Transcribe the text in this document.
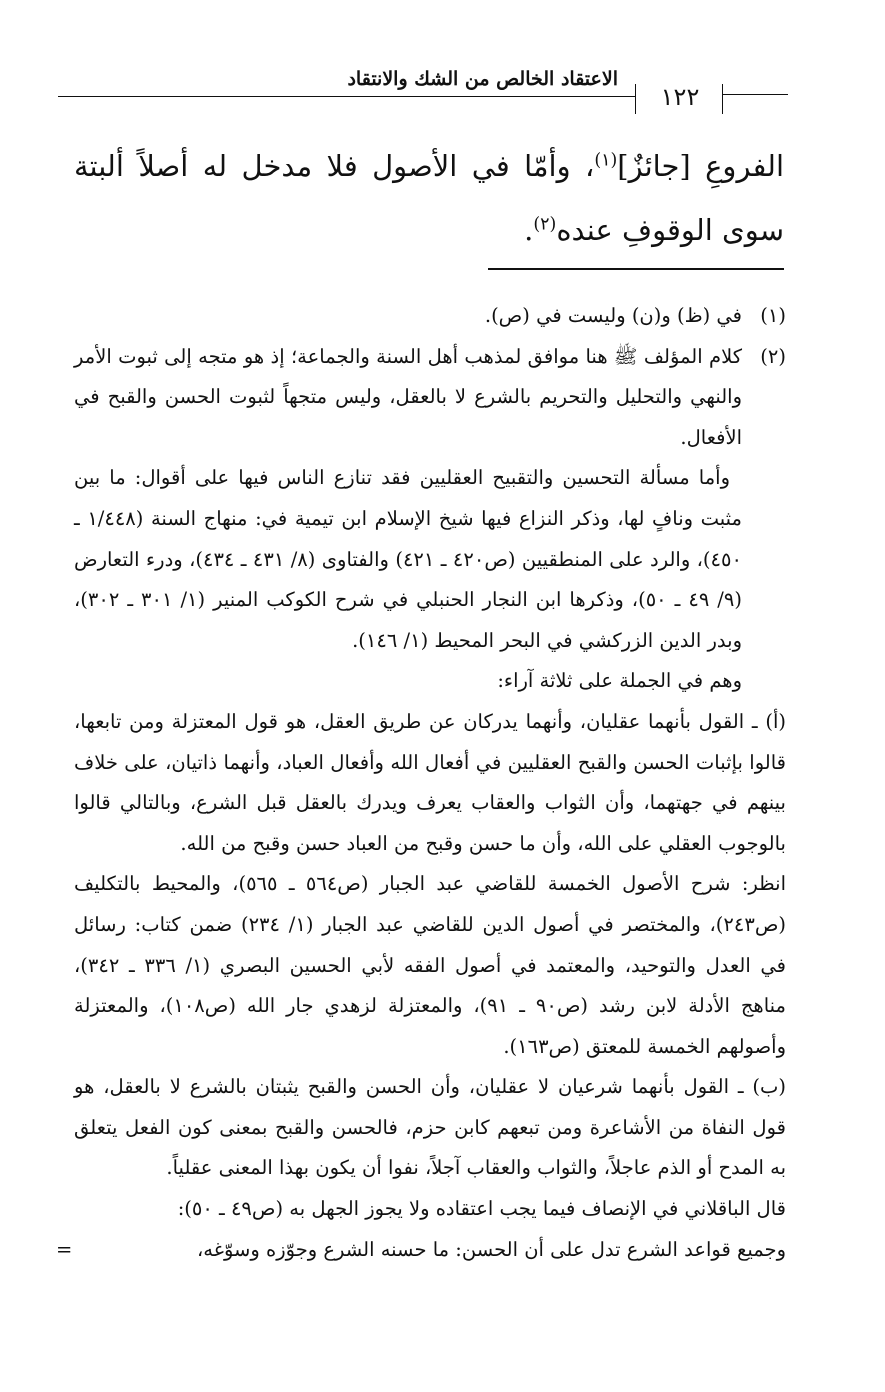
الاعتقاد الخالص من الشك والانتقاد
١٢٢

الفروعِ [جائزٌ]$^{(١)}$، وأمّا في الأصول فلا مدخل له أصلاً ألبتة سوى الوقوفِ عنده$^{(٢)}$.

(١)في (ظ) و(ن) وليست في (ص).

(٢)كلام المؤلف ﷺ هنا موافق لمذهب أهل السنة والجماعة؛ إذ هو متجه إلى ثبوت الأمر والنهي والتحليل والتحريم بالشرع لا بالعقل، وليس متجهاً لثبوت الحسن والقبح في الأفعال.

وأما مسألة التحسين والتقبيح العقليين فقد تنازع الناس فيها على أقوال: ما بين مثبت ونافٍ لها، وذكر النزاع فيها شيخ الإسلام ابن تيمية في: منهاج السنة (١/٤٤٨ ـ ٤٥٠)، والرد على المنطقيين (ص٤٢٠ ـ ٤٢١) والفتاوى (٨/ ٤٣١ ـ ٤٣٤)، ودرء التعارض (٩/ ٤٩ ـ ٥٠)، وذكرها ابن النجار الحنبلي في شرح الكوكب المنير (١/ ٣٠١ ـ ٣٠٢)، وبدر الدين الزركشي في البحر المحيط (١/ ١٤٦).

وهم في الجملة على ثلاثة آراء:

(أ) ـ القول بأنهما عقليان، وأنهما يدركان عن طريق العقل، هو قول المعتزلة ومن تابعها، قالوا بإثبات الحسن والقبح العقليين في أفعال الله وأفعال العباد، وأنهما ذاتيان، على خلاف بينهم في جهتهما، وأن الثواب والعقاب يعرف ويدرك بالعقل قبل الشرع، وبالتالي قالوا بالوجوب العقلي على الله، وأن ما حسن وقبح من العباد حسن وقبح من الله.

انظر: شرح الأصول الخمسة للقاضي عبد الجبار (ص٥٦٤ ـ ٥٦٥)، والمحيط بالتكليف (ص٢٤٣)، والمختصر في أصول الدين للقاضي عبد الجبار (١/ ٢٣٤) ضمن كتاب: رسائل في العدل والتوحيد، والمعتمد في أصول الفقه لأبي الحسين البصري (١/ ٣٣٦ ـ ٣٤٢)، مناهج الأدلة لابن رشد (ص٩٠ ـ ٩١)، والمعتزلة لزهدي جار الله (ص١٠٨)، والمعتزلة وأصولهم الخمسة للمعتق (ص١٦٣).

(ب) ـ القول بأنهما شرعيان لا عقليان، وأن الحسن والقبح يثبتان بالشرع لا بالعقل، هو قول النفاة من الأشاعرة ومن تبعهم كابن حزم، فالحسن والقبح بمعنى كون الفعل يتعلق به المدح أو الذم عاجلاً، والثواب والعقاب آجلاً، نفوا أن يكون بهذا المعنى عقلياً.

قال الباقلاني في الإنصاف فيما يجب اعتقاده ولا يجوز الجهل به (ص٤٩ ـ ٥٠):

وجميع قواعد الشرع تدل على أن الحسن: ما حسنه الشرع وجوّزه وسوّغه،
=
